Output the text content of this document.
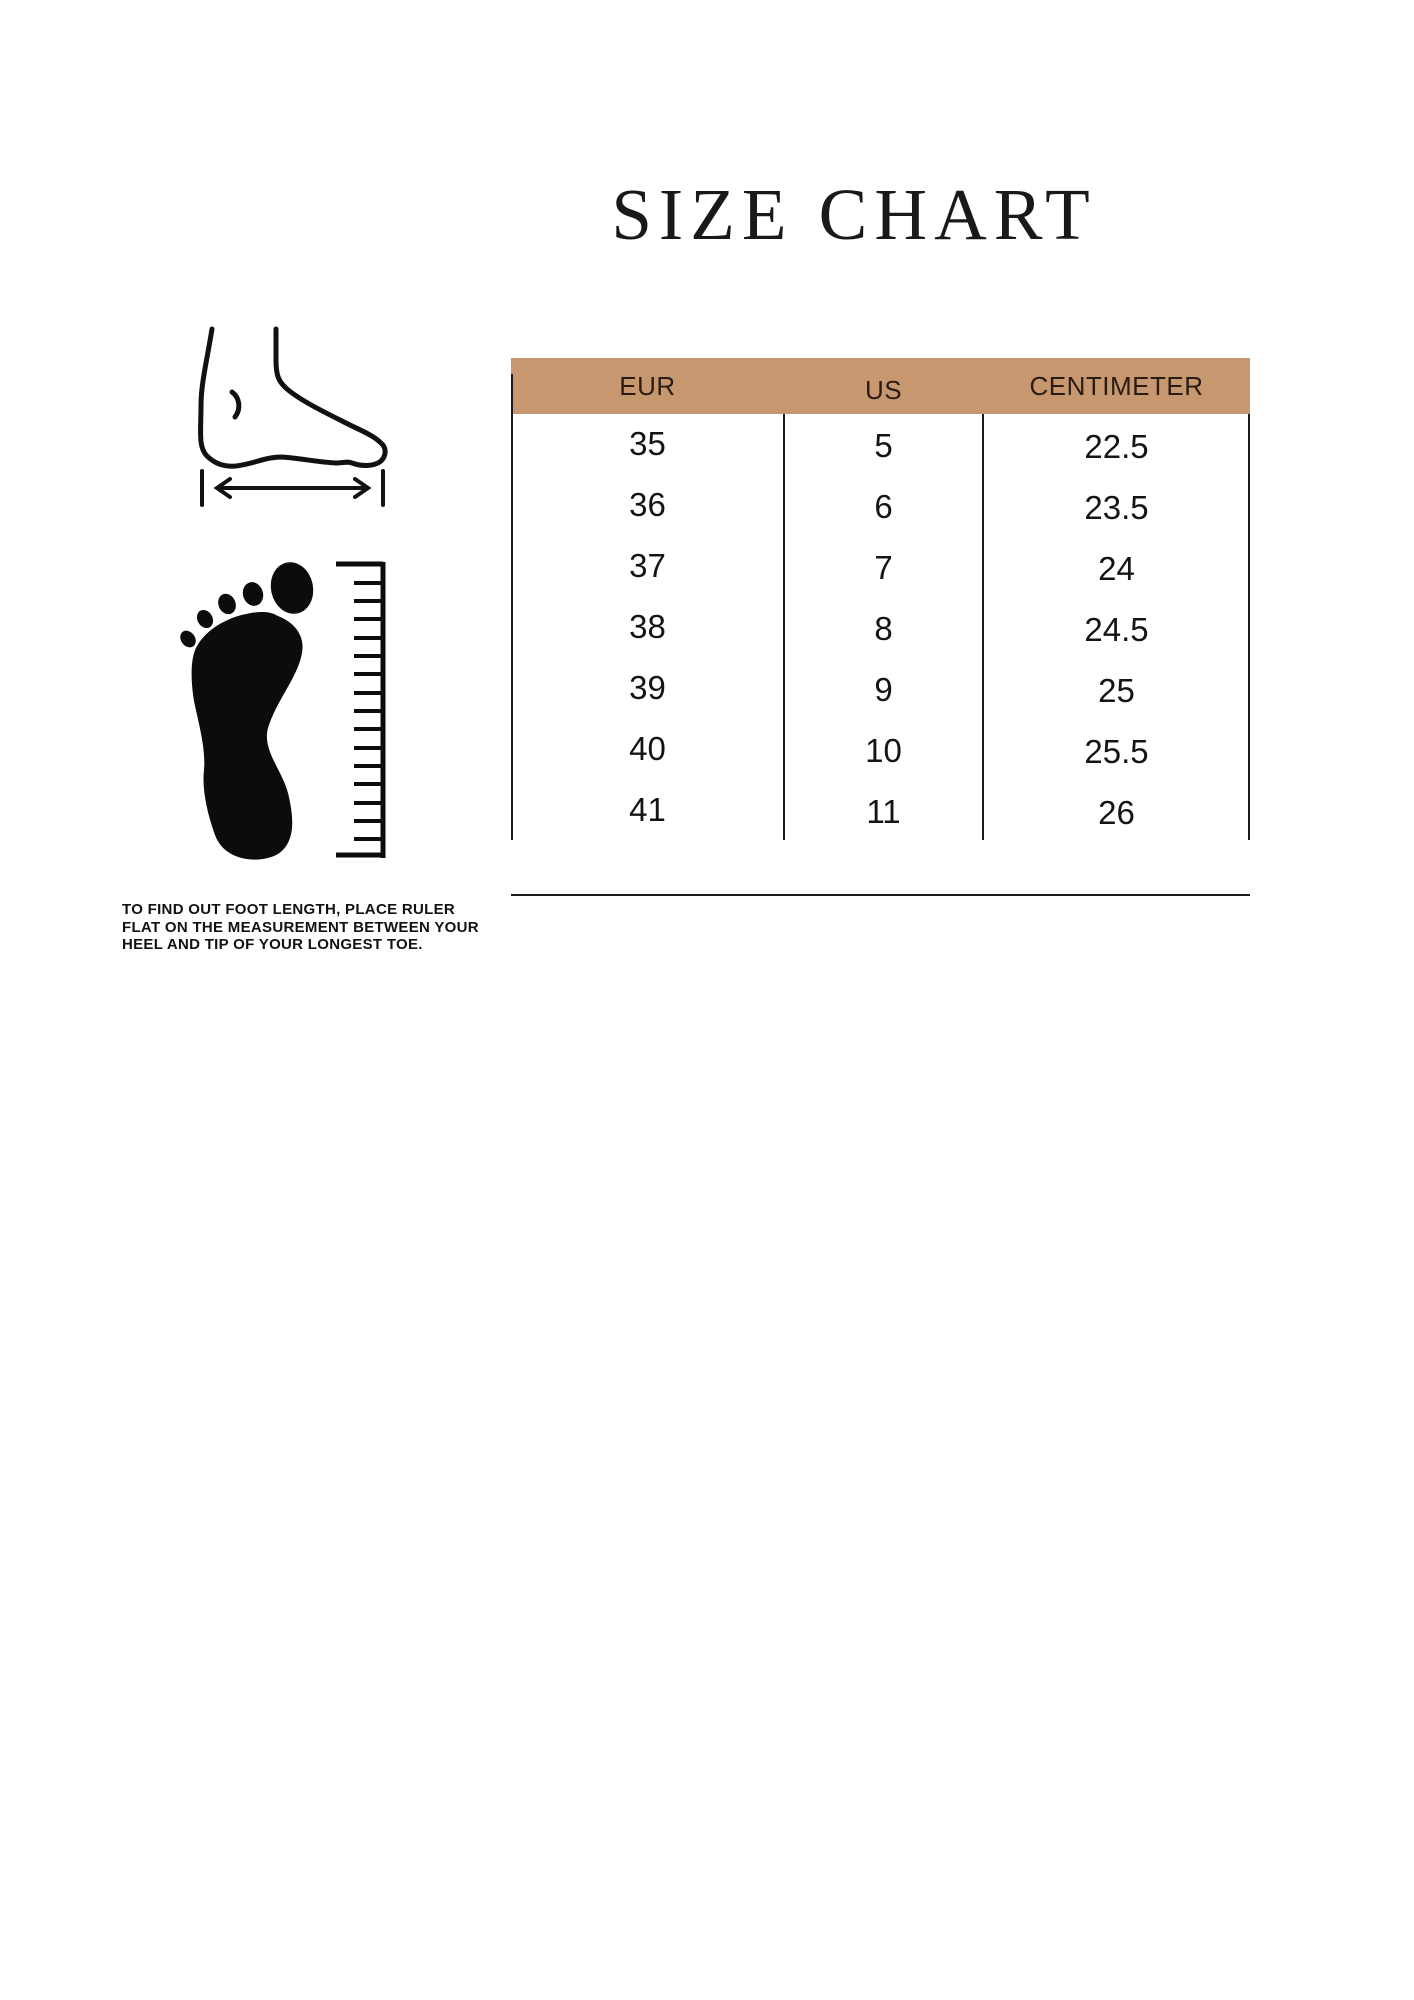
SIZE CHART
EUR	US	CENTIMETER
35
36
37
38
39
40
41
5
6
7
8
9
10
11
22.5
23.5
24
24.5
25
25.5
26
TO FIND OUT FOOT LENGTH, PLACE RULER
FLAT ON THE MEASUREMENT BETWEEN YOUR
HEEL AND TIP OF YOUR LONGEST TOE.
